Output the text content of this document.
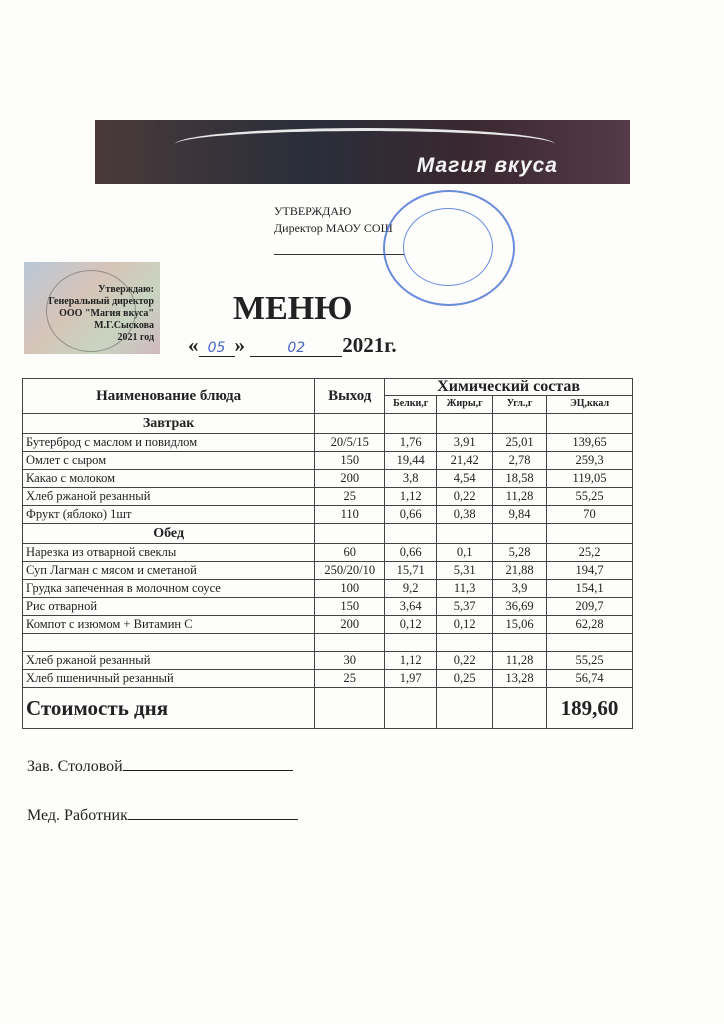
Магия вкуса
УТВЕРЖДАЮ
Директор МАОУ СОШ
Утверждаю:
Генеральный директор
ООО "Магия вкуса"
М.Г.Сыскова
2021 год
МЕНЮ
« 05 »	02 2021г.
Наименование блюда	Выход	Химический состав			
		Белки,г	Жиры,г	Угл.,г	ЭЦ,ккал
Завтрак					
Бутерброд с маслом и повидлом	20/5/15	1,76	3,91	25,01	139,65
Омлет с сыром	150	19,44	21,42	2,78	259,3
Какао с молоком	200	3,8	4,54	18,58	119,05
Хлеб ржаной резанный	25	1,12	0,22	11,28	55,25
Фрукт (яблоко) 1шт	110	0,66	0,38	9,84	70
Обед					
Нарезка из отварной свеклы	60	0,66	0,1	5,28	25,2
Суп Лагман с мясом и сметаной	250/20/10	15,71	5,31	21,88	194,7
Грудка запеченная в молочном соусе	100	9,2	11,3	3,9	154,1
Рис отварной	150	3,64	5,37	36,69	209,7
Компот с изюмом + Витамин С	200	0,12	0,12	15,06	62,28

Хлеб ржаной резанный	30	1,12	0,22	11,28	55,25
Хлеб пшеничный резанный	25	1,97	0,25	13,28	56,74
Стоимость дня					189,60
Зав. Столовой
Мед. Работник
